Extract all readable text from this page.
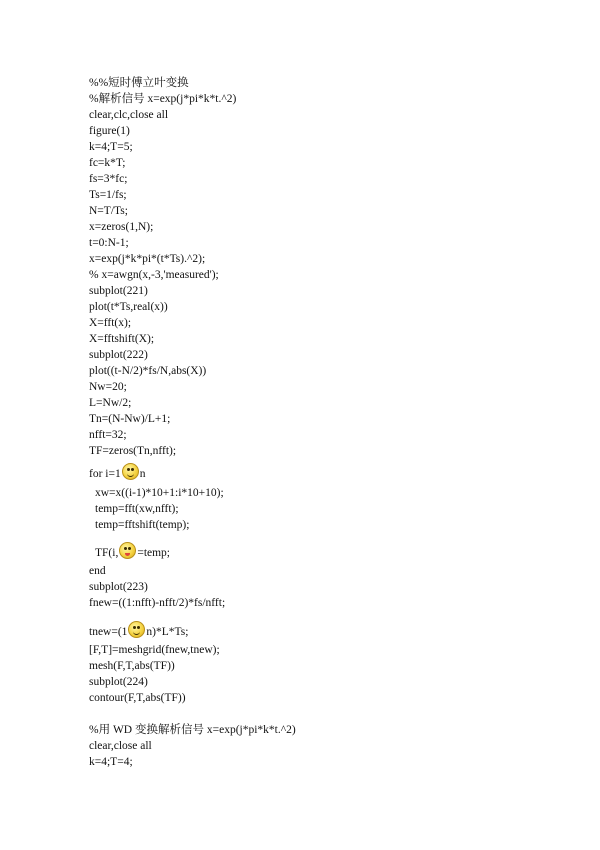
%%短时傅立叶变换
%解析信号 x=exp(j*pi*k*t.^2)
clear,clc,close all
figure(1)
k=4;T=5;
fc=k*T;
fs=3*fc;
Ts=1/fs;
N=T/Ts;
x=zeros(1,N);
t=0:N-1;
x=exp(j*k*pi*(t*Ts).^2);
% x=awgn(x,-3,'measured');
subplot(221)
plot(t*Ts,real(x))
X=fft(x);
X=fftshift(X);
subplot(222)
plot((t-N/2)*fs/N,abs(X))
Nw=20;
L=Nw/2;
Tn=(N-Nw)/L+1;
nfft=32;
TF=zeros(Tn,nfft);
for i=1 n
xw=x((i-1)*10+1:i*10+10);
temp=fft(xw,nfft);
temp=fftshift(temp);
TF(i, =temp;
end
subplot(223)
fnew=((1:nfft)-nfft/2)*fs/nfft;
tnew=(1 n)*L*Ts;
[F,T]=meshgrid(fnew,tnew);
mesh(F,T,abs(TF))
subplot(224)
contour(F,T,abs(TF))
%用 WD 变换解析信号 x=exp(j*pi*k*t.^2)
clear,close all
k=4;T=4;
